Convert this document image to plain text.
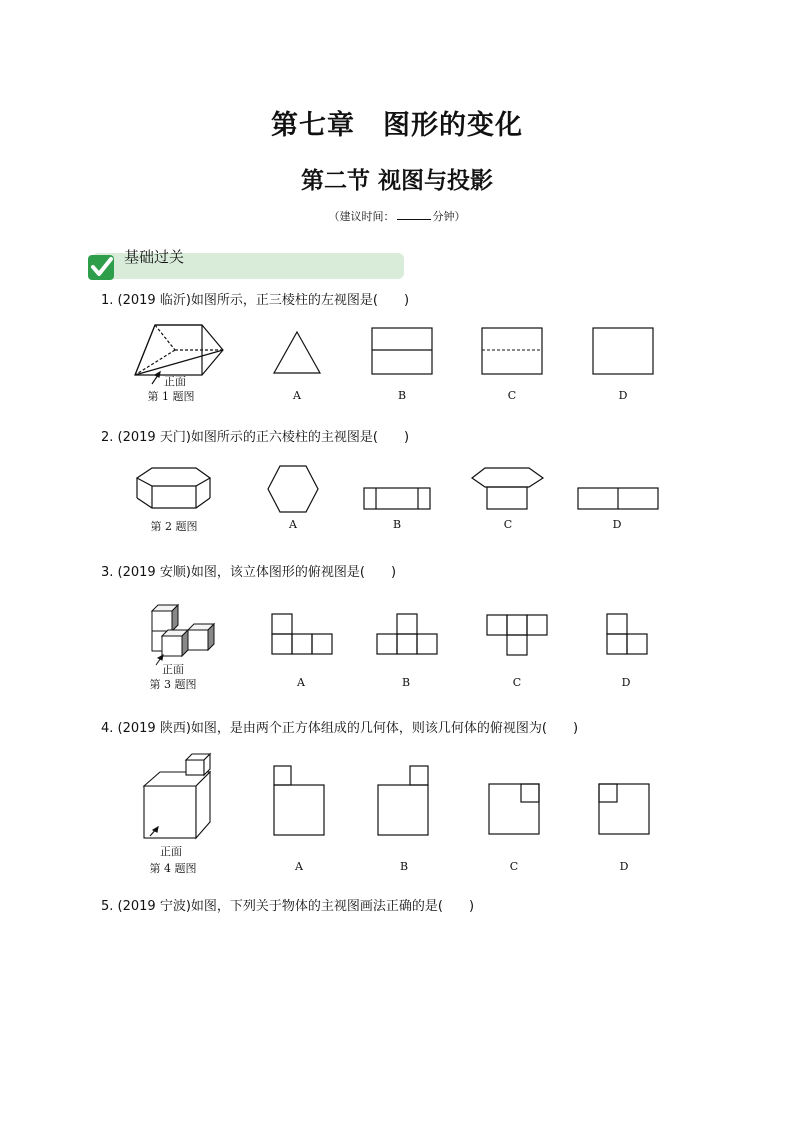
第七章　图形的变化
第二节 视图与投影
（建议时间：	分钟）
基础过关
1. (2019 临沂)如图所示，正三棱柱的左视图是(　　)
正面
第 1 题图	A	B	C	D
2. (2019 天门)如图所示的正六棱柱的主视图是(　　)
第 2 题图	A	B	C	D
3. (2019 安顺)如图，该立体图形的俯视图是(　　)
正面
第 3 题图	A	B	C	D
4. (2019 陕西)如图，是由两个正方体组成的几何体，则该几何体的俯视图为(　　)
正面
第 4 题图	A	B	C	D
5. (2019 宁波)如图，下列关于物体的主视图画法正确的是(　　)
